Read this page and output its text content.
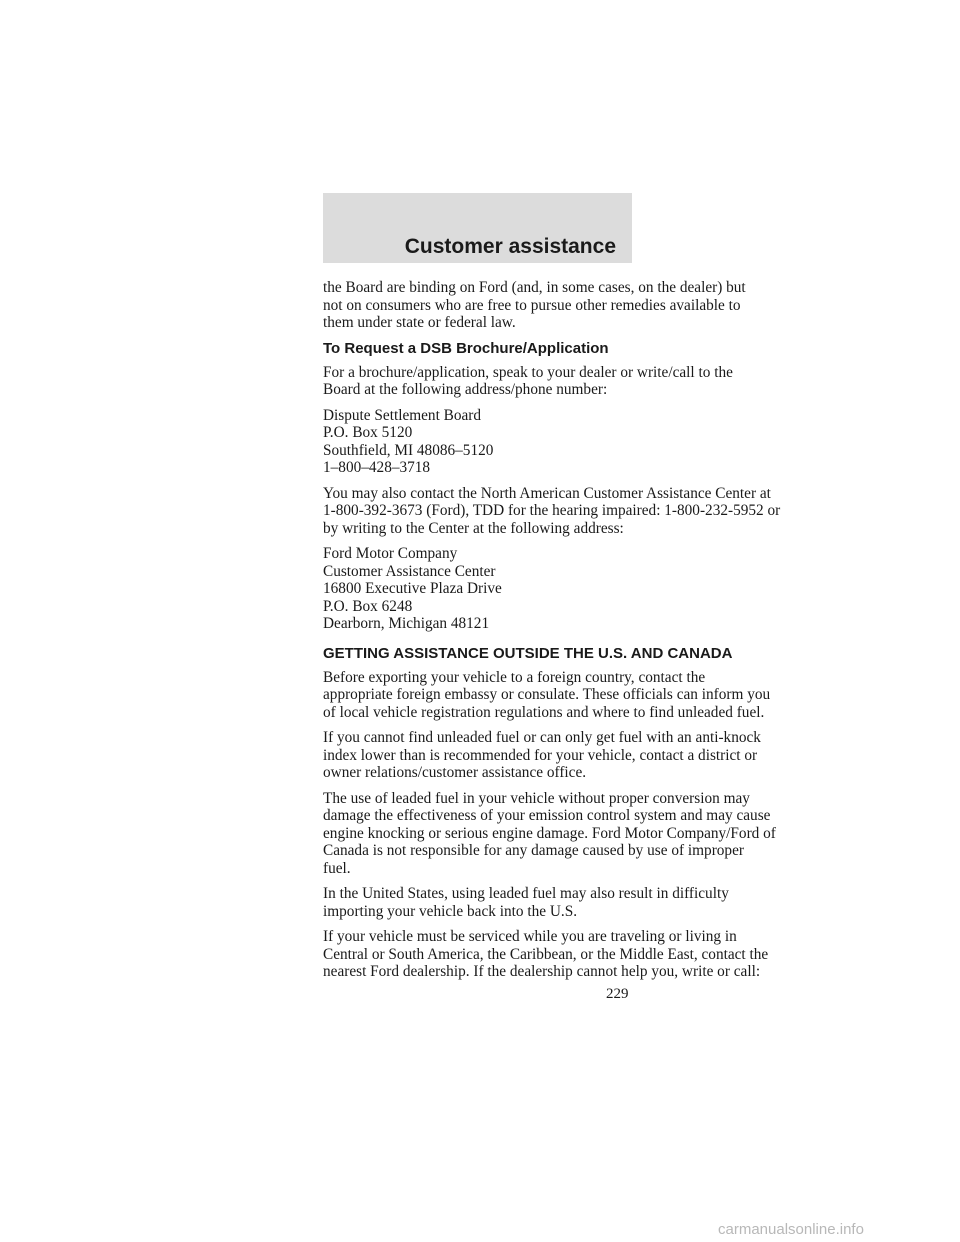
Customer assistance

the Board are binding on Ford (and, in some cases, on the dealer) but
not on consumers who are free to pursue other remedies available to
them under state or federal law.

To Request a DSB Brochure/Application

For a brochure/application, speak to your dealer or write/call to the
Board at the following address/phone number:

Dispute Settlement Board
P.O. Box 5120
Southfield, MI 48086–5120
1–800–428–3718

You may also contact the North American Customer Assistance Center at
1-800-392-3673 (Ford), TDD for the hearing impaired: 1-800-232-5952 or
by writing to the Center at the following address:

Ford Motor Company
Customer Assistance Center
16800 Executive Plaza Drive
P.O. Box 6248
Dearborn, Michigan 48121
GETTING ASSISTANCE OUTSIDE THE U.S. AND CANADA

Before exporting your vehicle to a foreign country, contact the
appropriate foreign embassy or consulate. These officials can inform you
of local vehicle registration regulations and where to find unleaded fuel.

If you cannot find unleaded fuel or can only get fuel with an anti-knock
index lower than is recommended for your vehicle, contact a district or
owner relations/customer assistance office.

The use of leaded fuel in your vehicle without proper conversion may
damage the effectiveness of your emission control system and may cause
engine knocking or serious engine damage. Ford Motor Company/Ford of
Canada is not responsible for any damage caused by use of improper
fuel.

In the United States, using leaded fuel may also result in difficulty
importing your vehicle back into the U.S.

If your vehicle must be serviced while you are traveling or living in
Central or South America, the Caribbean, or the Middle East, contact the
nearest Ford dealership. If the dealership cannot help you, write or call:

229
carmanualsonline.info
